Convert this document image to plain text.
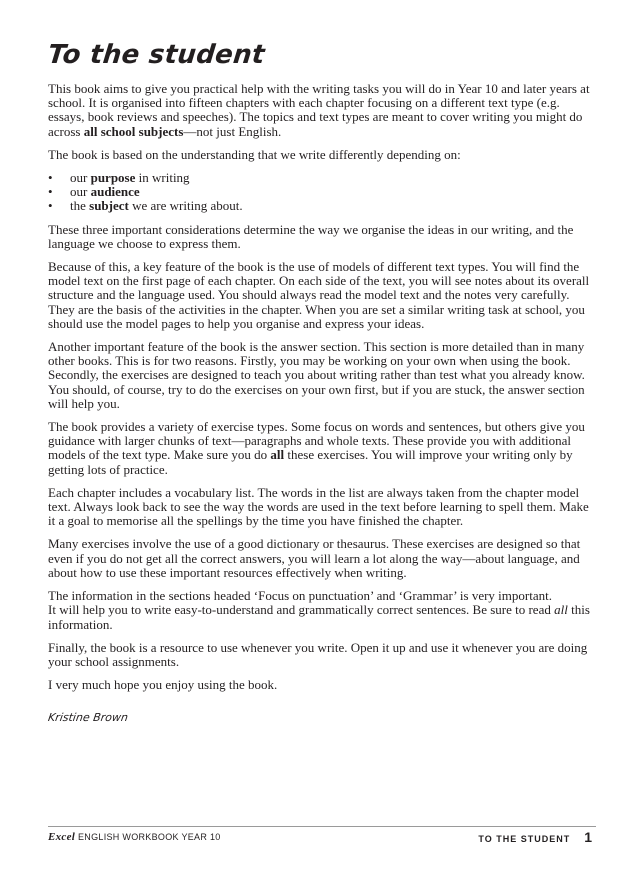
To the student

This book aims to give you practical help with the writing tasks you will do in Year 10 and later years at school. It is organised into fifteen chapters with each chapter focusing on a different text type (e.g. essays, book reviews and speeches). The topics and text types are meant to cover writing you might do across all school subjects—not just English.

The book is based on the understanding that we write differently depending on:

• our purpose in writing
• our audience
• the subject we are writing about.

These three important considerations determine the way we organise the ideas in our writing, and the language we choose to express them.

Because of this, a key feature of the book is the use of models of different text types. You will find the model text on the first page of each chapter. On each side of the text, you will see notes about its overall structure and the language used. You should always read the model text and the notes very carefully. They are the basis of the activities in the chapter. When you are set a similar writing task at school, you should use the model pages to help you organise and express your ideas.

Another important feature of the book is the answer section. This section is more detailed than in many other books. This is for two reasons. Firstly, you may be working on your own when using the book. Secondly, the exercises are designed to teach you about writing rather than test what you already know. You should, of course, try to do the exercises on your own first, but if you are stuck, the answer section will help you.

The book provides a variety of exercise types. Some focus on words and sentences, but others give you guidance with larger chunks of text—paragraphs and whole texts. These provide you with additional models of the text type. Make sure you do all these exercises. You will improve your writing only by getting lots of practice.

Each chapter includes a vocabulary list. The words in the list are always taken from the chapter model text. Always look back to see the way the words are used in the text before learning to spell them. Make it a goal to memorise all the spellings by the time you have finished the chapter.

Many exercises involve the use of a good dictionary or thesaurus. These exercises are designed so that even if you do not get all the correct answers, you will learn a lot along the way—about language, and about how to use these important resources effectively when writing.

The information in the sections headed ‘Focus on punctuation’ and ‘Grammar’ is very important.
It will help you to write easy-to-understand and grammatically correct sentences. Be sure to read all this information.

Finally, the book is a resource to use whenever you write. Open it up and use it whenever you are doing your school assignments.

I very much hope you enjoy using the book.

Kristine Brown
Excel ENGLISH WORKBOOK YEAR 10	TO THE STUDENT 1
